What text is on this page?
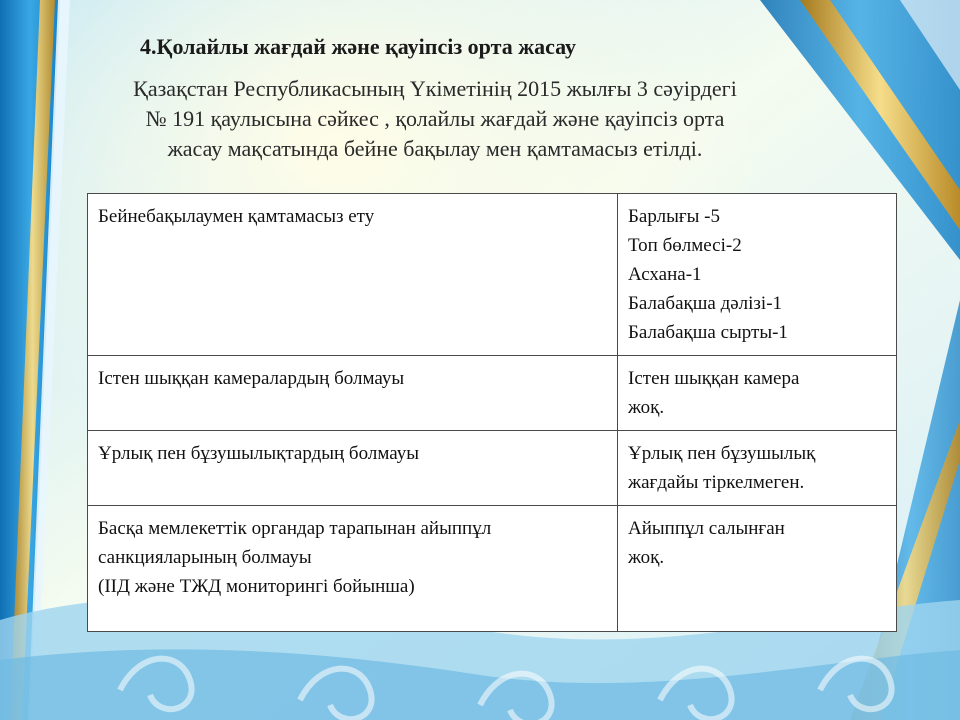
4.Қолайлы жағдай және қауіпсіз орта жасау
Қазақстан Республикасының Үкіметінің 2015 жылғы 3 сәуірдегі
№ 191 қаулысына сәйкес , қолайлы жағдай және қауіпсіз орта
жасау мақсатында бейне бақылау мен қамтамасыз етілді.
Бейнебақылаумен қамтамасыз ету	Барлығы -5
Топ бөлмесі-2
Асхана-1
Балабақша дәлізі-1
Балабақша сырты-1

Істен шыққан камералардың болмауы	Істен шыққан камера
жоқ.

Ұрлық пен бұзушылықтардың болмауы	Ұрлық пен бұзушылық
жағдайы тіркелмеген.

Басқа мемлекеттік органдар тарапынан айыппұл
санкцияларының болмауы
(ІІД және ТЖД мониторингі бойынша)	Айыппұл салынған
жоқ.
